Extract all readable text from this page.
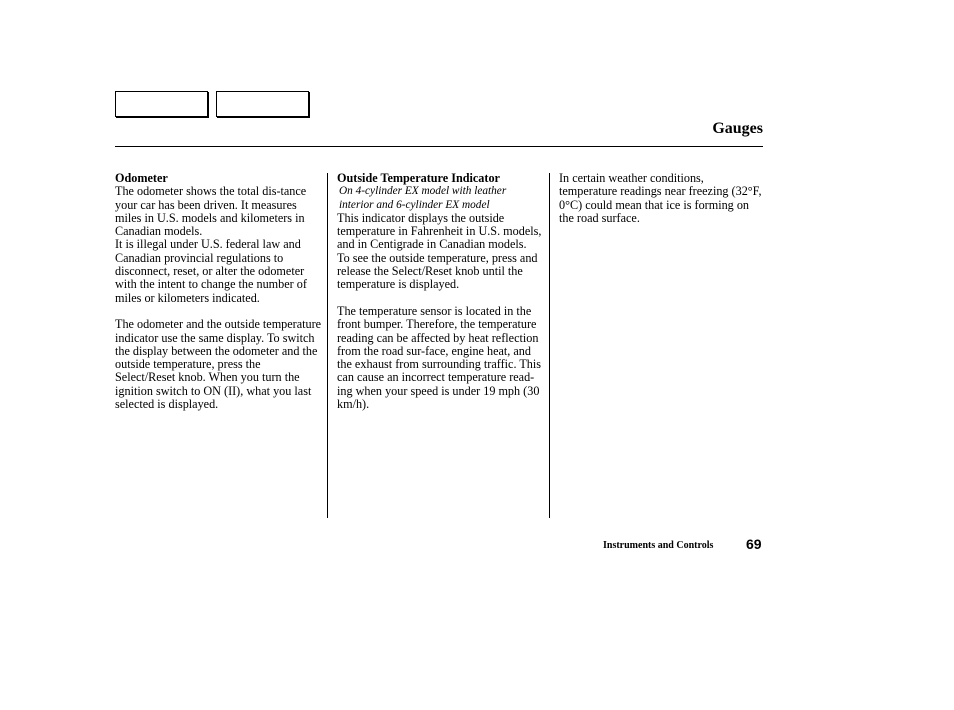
Gauges
Odometer

The odometer shows the total dis-tance your car has been driven. It measures miles in U.S. models and kilometers in Canadian models.

It is illegal under U.S. federal law and Canadian provincial regulations to disconnect, reset, or alter the odometer with the intent to change the number of miles or kilometers indicated.

The odometer and the outside temperature indicator use the same display. To switch the display between the odometer and the outside temperature, press the Select/Reset knob. When you turn the ignition switch to ON (II), what you last selected is displayed.

Outside Temperature Indicator

On 4-cylinder EX model with leather interior and 6-cylinder EX model

This indicator displays the outside temperature in Fahrenheit in U.S. models, and in Centigrade in Canadian models. To see the outside temperature, press and release the Select/Reset knob until the temperature is displayed.

The temperature sensor is located in the front bumper. Therefore, the temperature reading can be affected by heat reflection from the road sur-face, engine heat, and the exhaust from surrounding traffic. This can cause an incorrect temperature read-ing when your speed is under 19 mph (30 km/h).

In certain weather conditions, temperature readings near freezing (32°F, 0°C) could mean that ice is forming on the road surface.

Instruments and Controls 69
